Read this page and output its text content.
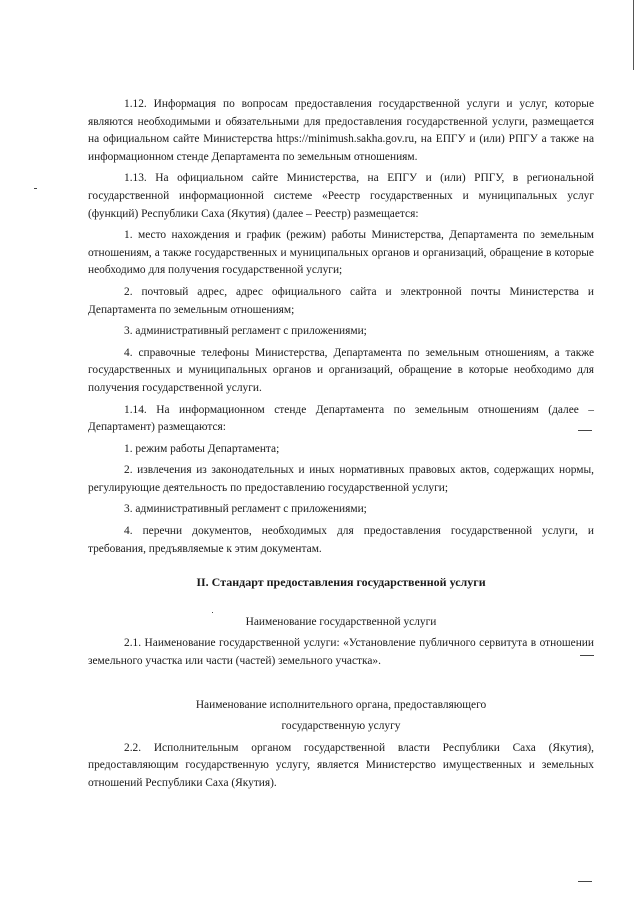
1.12. Информация по вопросам предоставления государственной услуги и услуг, которые являются необходимыми и обязательными для предоставления государственной услуги, размещается на официальном сайте Министерства https://minimush.sakha.gov.ru, на ЕПГУ и (или) РПГУ а также на информационном стенде Департамента по земельным отношениям.

1.13. На официальном сайте Министерства, на ЕПГУ и (или) РПГУ, в региональной государственной информационной системе «Реестр государственных и муниципальных услуг (функций) Республики Саха (Якутия) (далее – Реестр) размещается:

1. место нахождения и график (режим) работы Министерства, Департамента по земельным отношениям, а также государственных и муниципальных органов и организаций, обращение в которые необходимо для получения государственной услуги;

2. почтовый адрес, адрес официального сайта и электронной почты Министерства и Департамента по земельным отношениям;

3. административный регламент с приложениями;

4. справочные телефоны Министерства, Департамента по земельным отношениям, а также государственных и муниципальных органов и организаций, обращение в которые необходимо для получения государственной услуги.

1.14. На информационном стенде Департамента по земельным отношениям (далее – Департамент) размещаются:

1. режим работы Департамента;

2. извлечения из законодательных и иных нормативных правовых актов, содержащих нормы, регулирующие деятельность по предоставлению государственной услуги;

3. административный регламент с приложениями;

4. перечни документов, необходимых для предоставления государственной услуги, и требования, предъявляемые к этим документам.

II. Стандарт предоставления государственной услуги
Наименование государственной услуги

2.1. Наименование государственной услуги: «Установление публичного сервитута в отношении земельного участка или части (частей) земельного участка».

Наименование исполнительного органа, предоставляющего
государственную услугу

2.2. Исполнительным органом государственной власти Республики Саха (Якутия), предоставляющим государственную услугу, является Министерство имущественных и земельных отношений Республики Саха (Якутия).
